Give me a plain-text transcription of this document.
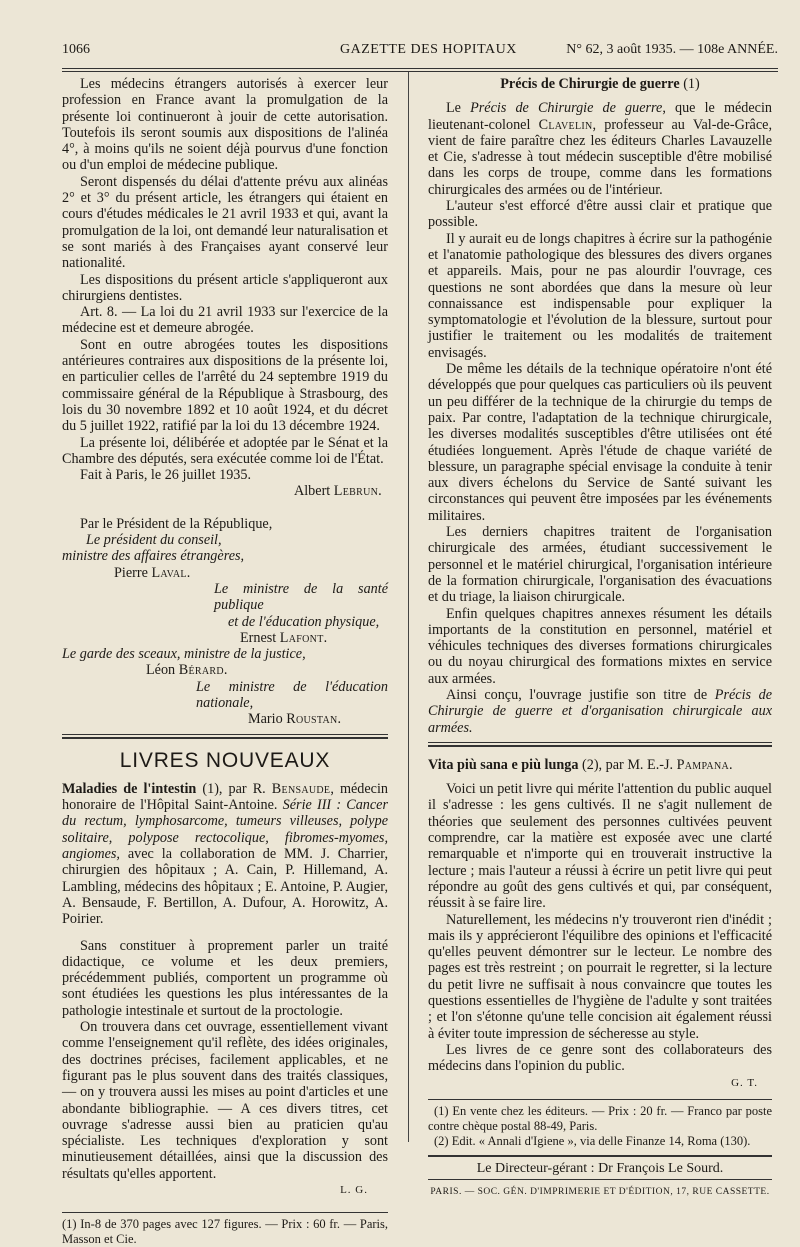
1066	GAZETTE DES HOPITAUX	N° 62, 3 août 1935. — 108e ANNÉE.

Les médecins étrangers autorisés à exercer leur profession en France avant la promulgation de la présente loi continueront à jouir de cette autorisation. Toutefois ils seront soumis aux dispositions de l'alinéa 4°, à moins qu'ils ne soient déjà pourvus d'une fonction ou d'un emploi de médecine publique.

Seront dispensés du délai d'attente prévu aux alinéas 2° et 3° du présent article, les étrangers qui étaient en cours d'études médicales le 21 avril 1933 et qui, avant la promulgation de la loi, ont demandé leur naturalisation et se sont mariés à des Françaises ayant conservé leur nationalité.

Les dispositions du présent article s'appliqueront aux chirurgiens dentistes.

Art. 8. — La loi du 21 avril 1933 sur l'exercice de la médecine est et demeure abrogée.

Sont en outre abrogées toutes les dispositions antérieures contraires aux dispositions de la présente loi, en particulier celles de l'arrêté du 24 septembre 1919 du commissaire général de la République à Strasbourg, des lois du 30 novembre 1892 et 10 août 1924, et du décret du 5 juillet 1922, ratifié par la loi du 13 décembre 1924.

La présente loi, délibérée et adoptée par le Sénat et la Chambre des députés, sera exécutée comme loi de l'État.

Fait à Paris, le 26 juillet 1935.

Albert Lebrun.

Par le Président de la République,

Le président du conseil,

ministre des affaires étrangères,

Pierre Laval.

Le ministre de la santé publique

et de l'éducation physique,

Ernest Lafont.

Le garde des sceaux, ministre de la justice,

Léon Bérard.

Le ministre de l'éducation nationale,

Mario Roustan.

LIVRES NOUVEAUX

Maladies de l'intestin (1), par R. Bensaude, médecin honoraire de l'Hôpital Saint-Antoine. Série III : Cancer du rectum, lymphosarcome, tumeurs villeuses, polype solitaire, polypose rectocolique, fibromes-myomes, angiomes, avec la collaboration de MM. J. Charrier, chirurgien des hôpitaux ; A. Cain, P. Hillemand, A. Lambling, médecins des hôpitaux ; E. Antoine, P. Augier, A. Bensaude, F. Bertillon, A. Dufour, A. Horowitz, A. Poirier.

Sans constituer à proprement parler un traité didactique, ce volume et les deux premiers, précédemment publiés, comportent un programme où sont étudiées les questions les plus intéressantes de la pathologie intestinale et surtout de la proctologie.

On trouvera dans cet ouvrage, essentiellement vivant comme l'enseignement qu'il reflète, des idées originales, des doctrines précises, facilement applicables, et ne figurant pas le plus souvent dans des traités classiques, — on y trouvera aussi les mises au point d'articles et une abondante bibliographie. — A ces divers titres, cet ouvrage s'adresse aussi bien au praticien qu'au spécialiste. Les techniques d'exploration y sont minutieusement détaillées, ainsi que la discussion des résultats qu'elles apportent.

L. G.

(1) In-8 de 370 pages avec 127 figures. — Prix : 60 fr. — Paris, Masson et Cie.

Précis de Chirurgie de guerre (1)

Le Précis de Chirurgie de guerre, que le médecin lieutenant-colonel Clavelin, professeur au Val-de-Grâce, vient de faire paraître chez les éditeurs Charles Lavauzelle et Cie, s'adresse à tout médecin susceptible d'être mobilisé dans les corps de troupe, comme dans les formations chirurgicales des armées ou de l'intérieur.

L'auteur s'est efforcé d'être aussi clair et pratique que possible.

Il y aurait eu de longs chapitres à écrire sur la pathogénie et l'anatomie pathologique des blessures des divers organes et appareils. Mais, pour ne pas alourdir l'ouvrage, ces questions ne sont abordées que dans la mesure où leur connaissance est indispensable pour expliquer la symptomatologie et l'évolution de la blessure, surtout pour justifier le traitement ou les modalités de traitement envisagés.

De même les détails de la technique opératoire n'ont été développés que pour quelques cas particuliers où ils peuvent un peu différer de la technique de la chirurgie du temps de paix. Par contre, l'adaptation de la technique chirurgicale, les diverses modalités susceptibles d'être utilisées ont été étudiées longuement. Après l'étude de chaque variété de blessure, un paragraphe spécial envisage la conduite à tenir aux divers échelons du Service de Santé suivant les circonstances qui peuvent être imposées par les événements militaires.

Les derniers chapitres traitent de l'organisation chirurgicale des armées, étudiant successivement le personnel et le matériel chirurgical, l'organisation intérieure de la formation chirurgicale, l'organisation des évacuations et du triage, la liaison chirurgicale.

Enfin quelques chapitres annexes résument les détails importants de la constitution en personnel, matériel et véhicules techniques des diverses formations chirurgicales ou du noyau chirurgical des formations mixtes en service aux armées.

Ainsi conçu, l'ouvrage justifie son titre de Précis de Chirurgie de guerre et d'organisation chirurgicale aux armées.

Vita più sana e più lunga (2), par M. E.-J. Pampana.

Voici un petit livre qui mérite l'attention du public auquel il s'adresse : les gens cultivés. Il ne s'agit nullement de théories que seulement des personnes cultivées peuvent comprendre, car la matière est exposée avec une clarté remarquable et n'importe qui en trouverait instructive la lecture ; mais l'auteur a réussi à écrire un petit livre qui peut répondre au goût des gens cultivés et qui, par conséquent, réussit à se faire lire.

Naturellement, les médecins n'y trouveront rien d'inédit ; mais ils y apprécieront l'équilibre des opinions et l'efficacité qu'elles peuvent démontrer sur le lecteur. Le nombre des pages est très restreint ; on pourrait le regretter, si la lecture du petit livre ne suffisait à nous convaincre que toutes les questions essentielles de l'hygiène de l'adulte y sont traitées ; et l'on s'étonne qu'une telle concision ait également réussi à éviter toute impression de sécheresse au style.

Les livres de ce genre sont des collaborateurs des médecins dans l'opinion du public.

G. T.

(1) En vente chez les éditeurs. — Prix : 20 fr. — Franco par poste contre chèque postal 88-49, Paris.

(2) Edit. « Annali d'Igiene », via delle Finanze 14, Roma (130).

Le Directeur-gérant : Dr François Le Sourd.

PARIS. — SOC. GÉN. D'IMPRIMERIE ET D'ÉDITION, 17, RUE CASSETTE.
